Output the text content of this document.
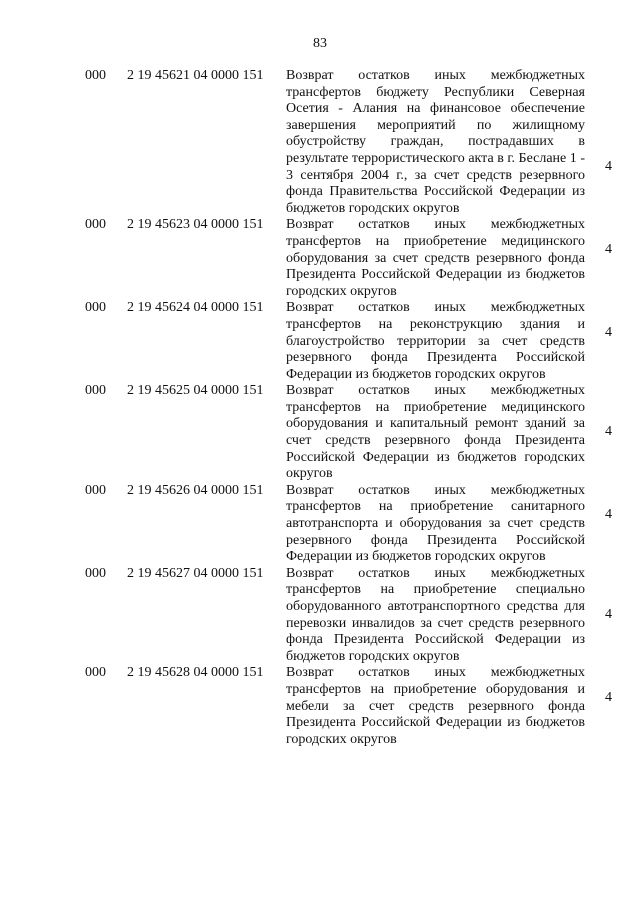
83
000 2 19 45621 04 0000 151 Возврат остатков иных межбюджетных трансфертов бюджету Республики Северная Осетия - Алания на финансовое обеспечение завершения мероприятий по жилищному обустройству граждан, пострадавших в результате террористического акта в г. Беслане 1 - 3 сентября 2004 г., за счет средств резервного фонда Правительства Российской Федерации из бюджетов городских округов
4
000 2 19 45623 04 0000 151 Возврат остатков иных межбюджетных трансфертов на приобретение медицинского оборудования за счет средств резервного фонда Президента Российской Федерации из бюджетов городских округов
4
000 2 19 45624 04 0000 151 Возврат остатков иных межбюджетных трансфертов на реконструкцию здания и благоустройство территории за счет средств резервного фонда Президента Российской Федерации из бюджетов городских округов
4
000 2 19 45625 04 0000 151 Возврат остатков иных межбюджетных трансфертов на приобретение медицинского оборудования и капитальный ремонт зданий за счет средств резервного фонда Президента Российской Федерации из бюджетов городских округов
4
000 2 19 45626 04 0000 151 Возврат остатков иных межбюджетных трансфертов на приобретение санитарного автотранспорта и оборудования за счет средств резервного фонда Президента Российской Федерации из бюджетов городских округов
4
000 2 19 45627 04 0000 151 Возврат остатков иных межбюджетных трансфертов на приобретение специально оборудованного автотранспортного средства для перевозки инвалидов за счет средств резервного фонда Президента Российской Федерации из бюджетов городских округов
4
000 2 19 45628 04 0000 151 Возврат остатков иных межбюджетных трансфертов на приобретение оборудования и мебели за счет средств резервного фонда Президента Российской Федерации из бюджетов городских округов
4
